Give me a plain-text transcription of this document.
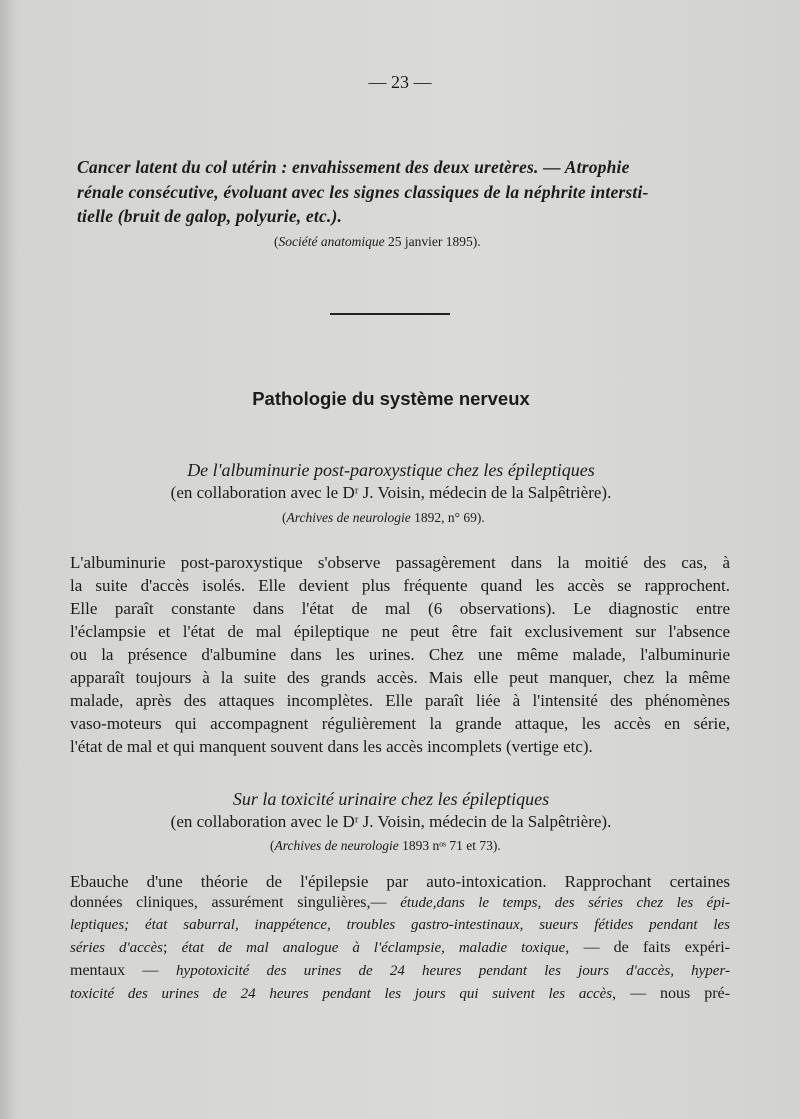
— 23 —
Cancer latent du col utérin : envahissement des deux uretères. — Atrophie
rénale consécutive, évoluant avec les signes classiques de la néphrite intersti-
tielle (bruit de galop, polyurie, etc.).
(Société anatomique 25 janvier 1895).
Pathologie du système nerveux
De l'albuminurie post-paroxystique chez les épileptiques
(en collaboration avec le Dʳ J. Voisin, médecin de la Salpêtrière).
(Archives de neurologie 1892, n° 69).
L'albuminurie post-paroxystique s'observe passagèrement dans la moitié des cas, à
la suite d'accès isolés. Elle devient plus fréquente quand les accès se rapprochent.
Elle paraît constante dans l'état de mal (6 observations). Le diagnostic entre
l'éclampsie et l'état de mal épileptique ne peut être fait exclusivement sur l'absence
ou la présence d'albumine dans les urines. Chez une même malade, l'albuminurie
apparaît toujours à la suite des grands accès. Mais elle peut manquer, chez la même
malade, après des attaques incomplètes. Elle paraît liée à l'intensité des phénomènes
vaso-moteurs qui accompagnent régulièrement la grande attaque, les accès en série,
l'état de mal et qui manquent souvent dans les accès incomplets (vertige etc).
Sur la toxicité urinaire chez les épileptiques
(en collaboration avec le Dʳ J. Voisin, médecin de la Salpêtrière).
(Archives de neurologie 1893 nᵒˢ 71 et 73).
Ebauche d'une théorie de l'épilepsie par auto-intoxication. Rapprochant certaines
données cliniques, assurément singulières,— étude,dans le temps, des séries chez les épi-
leptiques; état saburral, inappétence, troubles gastro-intestinaux, sueurs fétides pendant les
séries d'accès; état de mal analogue à l'éclampsie, maladie toxique, — de faits expéri-
mentaux — hypotoxicité des urines de 24 heures pendant les jours d'accès, hyper-
toxicité des urines de 24 heures pendant les jours qui suivent les accès, — nous pré-
